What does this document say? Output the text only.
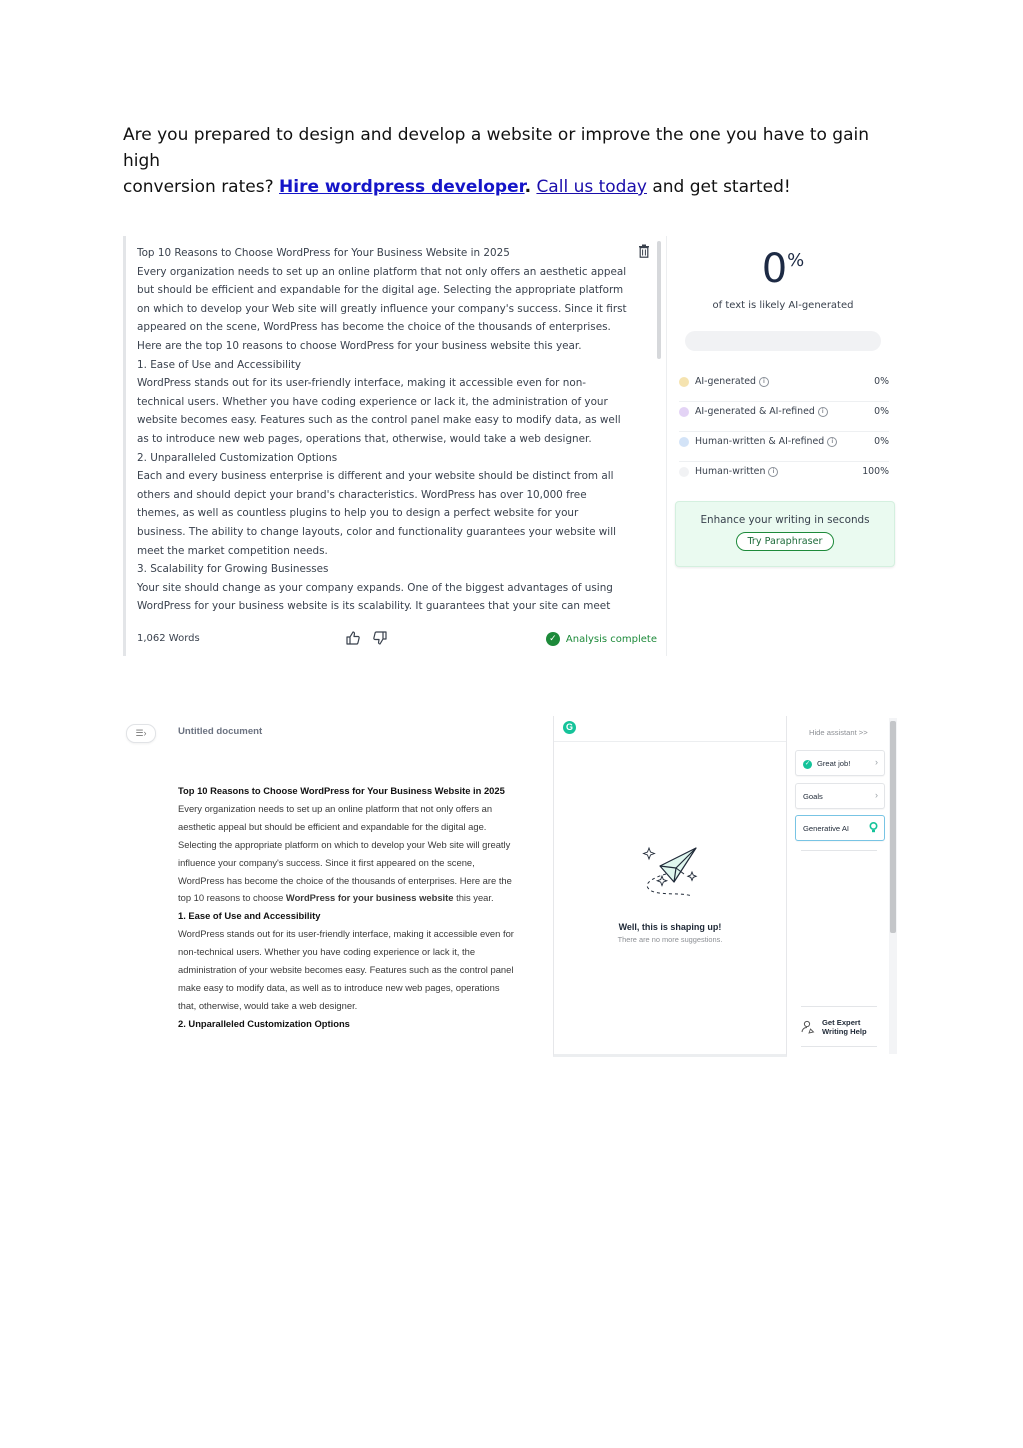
Are you prepared to design and develop a website or improve the one you have to gain high
conversion rates? Hire wordpress developer. Call us today and get started!

Top 10 Reasons to Choose WordPress for Your Business Website in 2025

Every organization needs to set up an online platform that not only offers an aesthetic appeal but should be efficient and expandable for the digital age. Selecting the appropriate platform on which to develop your Web site will greatly influence your company's success. Since it first appeared on the scene, WordPress has become the choice of the thousands of enterprises. Here are the top 10 reasons to choose WordPress for your business website this year.

1. Ease of Use and Accessibility

WordPress stands out for its user-friendly interface, making it accessible even for non-technical users. Whether you have coding experience or lack it, the administration of your website becomes easy. Features such as the control panel make easy to modify data, as well as to introduce new web pages, operations that, otherwise, would take a web designer.

2. Unparalleled Customization Options

Each and every business enterprise is different and your website should be distinct from all others and should depict your brand's characteristics. WordPress has over 10,000 free themes, as well as countless plugins to help you to design a perfect website for your business. The ability to change layouts, color and functionality guarantees your website will meet the market competition needs.

3. Scalability for Growing Businesses

Your site should change as your company expands. One of the biggest advantages of using WordPress for your business website is its scalability. It guarantees that your site can meet

1,062 Words
	✓ Analysis complete
0%
of text is likely AI-generated
AI-generated i	0%
AI-generated & AI-refined i	0%
Human-written & AI-refined i	0%
Human-written i	100%
Enhance your writing in seconds
Try Paraphraser
☰›	Untitled document

Top 10 Reasons to Choose WordPress for Your Business Website in 2025

Every organization needs to set up an online platform that not only offers an aesthetic appeal but should be efficient and expandable for the digital age. Selecting the appropriate platform on which to develop your Web site will greatly influence your company's success. Since it first appeared on the scene, WordPress has become the choice of the thousands of enterprises. Here are the top 10 reasons to choose WordPress for your business website this year.

1. Ease of Use and Accessibility

WordPress stands out for its user-friendly interface, making it accessible even for non-technical users. Whether you have coding experience or lack it, the administration of your website becomes easy. Features such as the control panel make easy to modify data, as well as to introduce new web pages, operations that, otherwise, would take a web designer.

2. Unparalleled Customization Options

G
Well, this is shaping up!
There are no more suggestions.
Hide assistant >>
✓ Great job!	›
Goals	›
Generative AI
Get Expert
Writing Help
